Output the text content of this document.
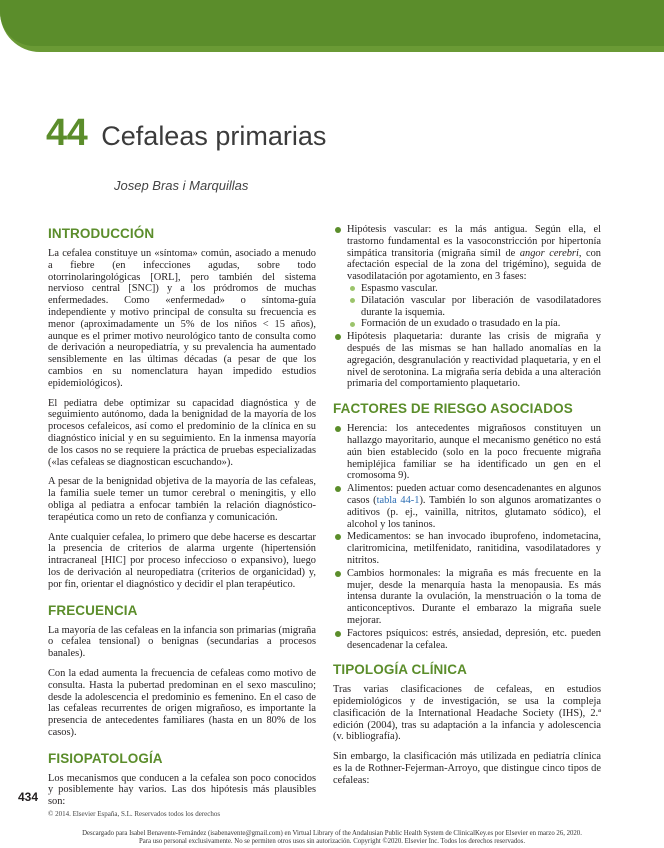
44 Cefaleas primarias
Josep Bras i Marquillas
INTRODUCCIÓN

La cefalea constituye un «síntoma» común, asociado a menudo a fiebre (en infecciones agudas, sobre todo otorrinolaringológicas [ORL], pero también del sistema nervioso central [SNC]) y a los pródromos de muchas enfermedades. Como «enfermedad» o síntoma-guía independiente y motivo principal de consulta su frecuencia es menor (aproximadamente un 5% de los niños < 15 años), aunque es el primer motivo neurológico tanto de consulta como de derivación a neuropediatría, y su prevalencia ha aumentado sensiblemente en las últimas décadas (a pesar de que los cambios en su nomenclatura hayan impedido estudios epidemiológicos).

El pediatra debe optimizar su capacidad diagnóstica y de seguimiento autónomo, dada la benignidad de la mayoría de los procesos cefaleicos, así como el predominio de la clínica en su diagnóstico inicial y en su seguimiento. En la inmensa mayoría de los casos no se requiere la práctica de pruebas especializadas («las cefaleas se diagnostican escuchando»).

A pesar de la benignidad objetiva de la mayoría de las cefaleas, la familia suele temer un tumor cerebral o meningitis, y ello obliga al pediatra a enfocar también la relación diagnóstico-terapéutica como un reto de confianza y comunicación.

Ante cualquier cefalea, lo primero que debe hacerse es descartar la presencia de criterios de alarma urgente (hipertensión intracraneal [HIC] por proceso infeccioso o expansivo), luego los de derivación al neuropediatra (criterios de organicidad) y, por fin, orientar el diagnóstico y decidir el plan terapéutico.

FRECUENCIA

La mayoría de las cefaleas en la infancia son primarias (migraña o cefalea tensional) o benignas (secundarias a procesos banales).

Con la edad aumenta la frecuencia de cefaleas como motivo de consulta. Hasta la pubertad predominan en el sexo masculino; desde la adolescencia el predominio es femenino. En el caso de las cefaleas recurrentes de origen migrañoso, es importante la presencia de antecedentes familiares (hasta en un 80% de los casos).

FISIOPATOLOGÍA

Los mecanismos que conducen a la cefalea son poco conocidos y posiblemente hay varios. Las dos hipótesis más plausibles son:

Hipótesis vascular: es la más antigua. Según ella, el trastorno fundamental es la vasoconstricción por hipertonía simpática transitoria (migraña símil de angor cerebri, con afectación especial de la zona del trigémino), seguida de vasodilatación por agotamiento, en 3 fases:
Espasmo vascular.
Dilatación vascular por liberación de vasodilatadores durante la isquemia.
Formación de un exudado o trasudado en la pía.
Hipótesis plaquetaria: durante las crisis de migraña y después de las mismas se han hallado anomalías en la agregación, desgranulación y reactividad plaquetaria, y en el nivel de serotonina. La migraña sería debida a una alteración primaria del comportamiento plaquetario.
FACTORES DE RIESGO ASOCIADOS
Herencia: los antecedentes migrañosos constituyen un hallazgo mayoritario, aunque el mecanismo genético no está aún bien establecido (solo en la poco frecuente migraña hemipléjica familiar se ha identificado un gen en el cromosoma 9).
Alimentos: pueden actuar como desencadenantes en algunos casos (tabla 44-1). También lo son algunos aromatizantes o aditivos (p. ej., vainilla, nitritos, glutamato sódico), el alcohol y los taninos.
Medicamentos: se han invocado ibuprofeno, indometacina, claritromicina, metilfenidato, ranitidina, vasodilatadores y nitritos.
Cambios hormonales: la migraña es más frecuente en la mujer, desde la menarquía hasta la menopausia. Es más intensa durante la ovulación, la menstruación o la toma de anticonceptivos. Durante el embarazo la migraña suele mejorar.
Factores psíquicos: estrés, ansiedad, depresión, etc. pueden desencadenar la cefalea.
TIPOLOGÍA CLÍNICA

Tras varias clasificaciones de cefaleas, en estudios epidemiológicos y de investigación, se usa la compleja clasificación de la International Headache Society (IHS), 2.ª edición (2004), tras su adaptación a la infancia y adolescencia (v. bibliografía).

Sin embargo, la clasificación más utilizada en pediatría clínica es la de Rothner-Fejerman-Arroyo, que distingue cinco tipos de cefaleas:

434
© 2014. Elsevier España, S.L. Reservados todos los derechos
Descargado para Isabel Benavente-Fernández (isabenavente@gmail.com) en Virtual Library of the Andalusian Public Health System de ClinicalKey.es por Elsevier en marzo 26, 2020.
Para uso personal exclusivamente. No se permiten otros usos sin autorización. Copyright ©2020. Elsevier Inc. Todos los derechos reservados.
